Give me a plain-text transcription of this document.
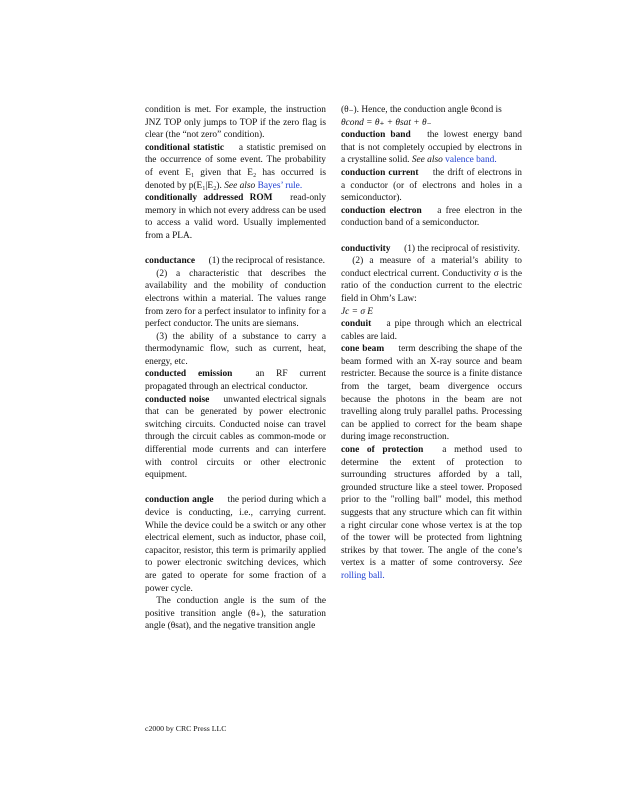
condition is met. For example, the instruction JNZ TOP only jumps to TOP if the zero flag is clear (the “not zero” condition).

conditional statistic a statistic premised on the occurrence of some event. The probability of event E₁ given that E₂ has occurred is denoted by p(E₁|E₂). See also Bayes’ rule.

conditionally addressed ROM read-only memory in which not every address can be used to access a valid word. Usually implemented from a PLA.

conductance (1) the reciprocal of resistance.

(2) a characteristic that describes the availability and the mobility of conduction electrons within a material. The values range from zero for a perfect insulator to infinity for a perfect conductor. The units are siemans.

(3) the ability of a substance to carry a thermodynamic flow, such as current, heat, energy, etc.

conducted emission an RF current propagated through an electrical conductor.

conducted noise unwanted electrical signals that can be generated by power electronic switching circuits. Conducted noise can travel through the circuit cables as common-mode or differential mode currents and can interfere with control circuits or other electronic equipment.

conduction angle the period during which a device is conducting, i.e., carrying current. While the device could be a switch or any other electrical element, such as inductor, phase coil, capacitor, resistor, this term is primarily applied to power electronic switching devices, which are gated to operate for some fraction of a power cycle.

The conduction angle is the sum of the positive transition angle (θ₊), the saturation angle (θsat), and the negative transition angle

(θ₋). Hence, the conduction angle θcond is

θcond = θ₊ + θsat + θ₋

conduction band the lowest energy band that is not completely occupied by electrons in a crystalline solid. See also valence band.

conduction current the drift of electrons in a conductor (or of electrons and holes in a semiconductor).

conduction electron a free electron in the conduction band of a semiconductor.

conductivity (1) the reciprocal of resistivity.

(2) a measure of a material’s ability to conduct electrical current. Conductivity σ is the ratio of the conduction current to the electric field in Ohm’s Law:

Jc = σ E

conduit a pipe through which an electrical cables are laid.

cone beam term describing the shape of the beam formed with an X-ray source and beam restricter. Because the source is a finite distance from the target, beam divergence occurs because the photons in the beam are not travelling along truly parallel paths. Processing can be applied to correct for the beam shape during image reconstruction.

cone of protection a method used to determine the extent of protection to surrounding structures afforded by a tall, grounded structure like a steel tower. Proposed prior to the "rolling ball" model, this method suggests that any structure which can fit within a right circular cone whose vertex is at the top of the tower will be protected from lightning strikes by that tower. The angle of the cone’s vertex is a matter of some controversy. See rolling ball.

c2000 by CRC Press LLC
